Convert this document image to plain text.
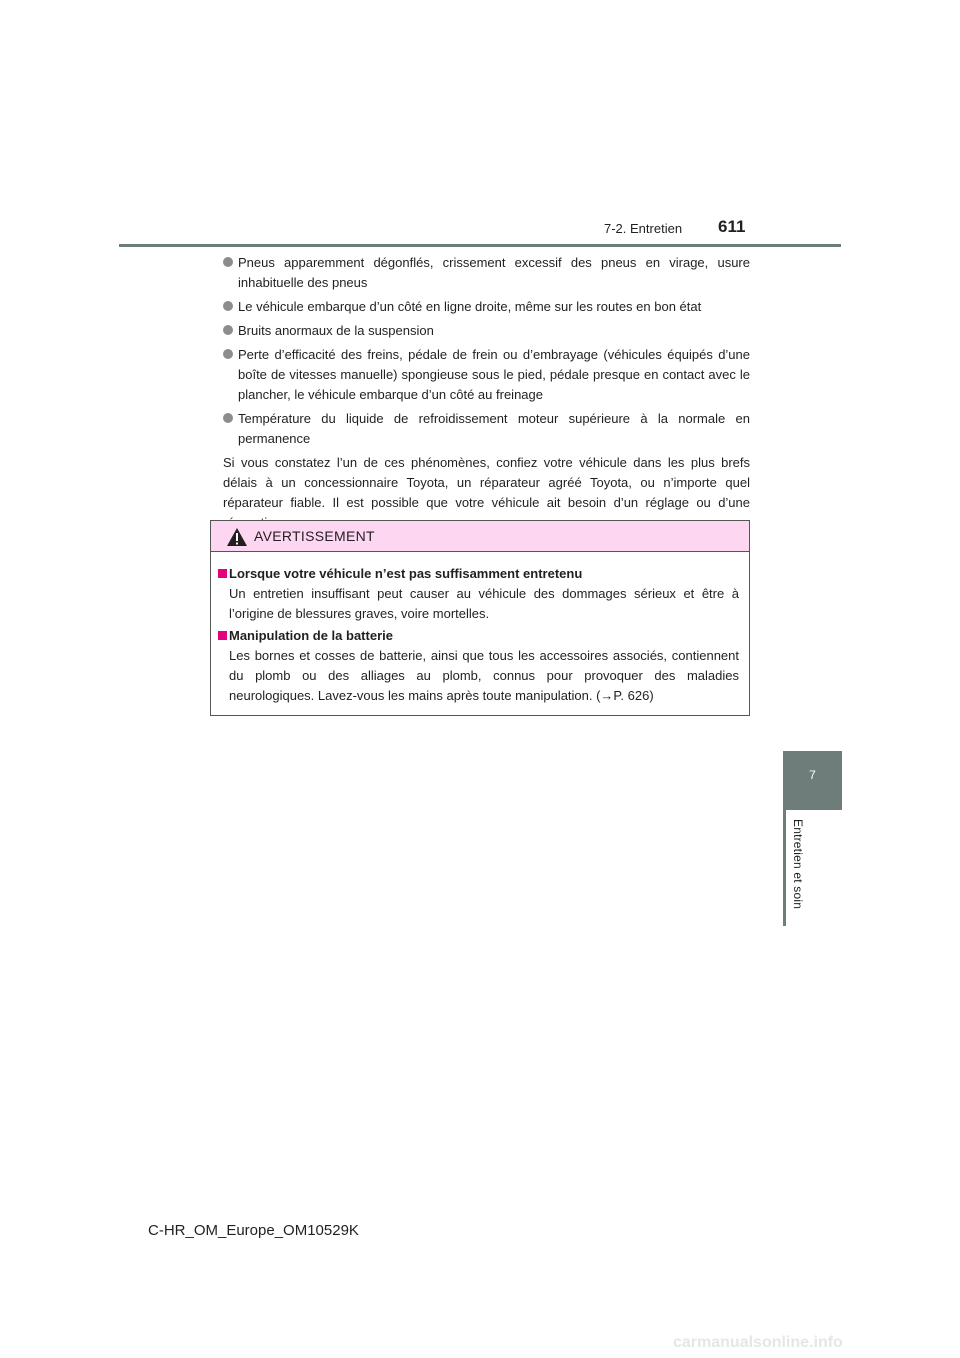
7-2. Entretien 611
7
Entretien et soin
Pneus apparemment dégonflés, crissement excessif des pneus en virage, usure inhabituelle des pneus
Le véhicule embarque d’un côté en ligne droite, même sur les routes en bon état
Bruits anormaux de la suspension
Perte d’efficacité des freins, pédale de frein ou d’embrayage (véhicules équipés d’une boîte de vitesses manuelle) spongieuse sous le pied, pédale presque en contact avec le plancher, le véhicule embarque d’un côté au freinage
Température du liquide de refroidissement moteur supérieure à la normale en permanence
Si vous constatez l’un de ces phénomènes, confiez votre véhicule dans les plus brefs délais à un concessionnaire Toyota, un réparateur agréé Toyota, ou n’importe quel réparateur fiable. Il est possible que votre véhicule ait besoin d’un réglage ou d’une
AVERTISSEMENT
Lorsque votre véhicule n’est pas suffisamment entretenu
Un entretien insuffisant peut causer au véhicule des dommages sérieux et être à l’origine de blessures graves, voire mortelles.
Manipulation de la batterie
Les bornes et cosses de batterie, ainsi que tous les accessoires associés, contiennent du plomb ou des alliages au plomb, connus pour provoquer des maladies neurologiques. Lavez-vous les mains après toute manipulation. (→P. 626)
C-HR_OM_Europe_OM10529K
carmanualsonline.info
